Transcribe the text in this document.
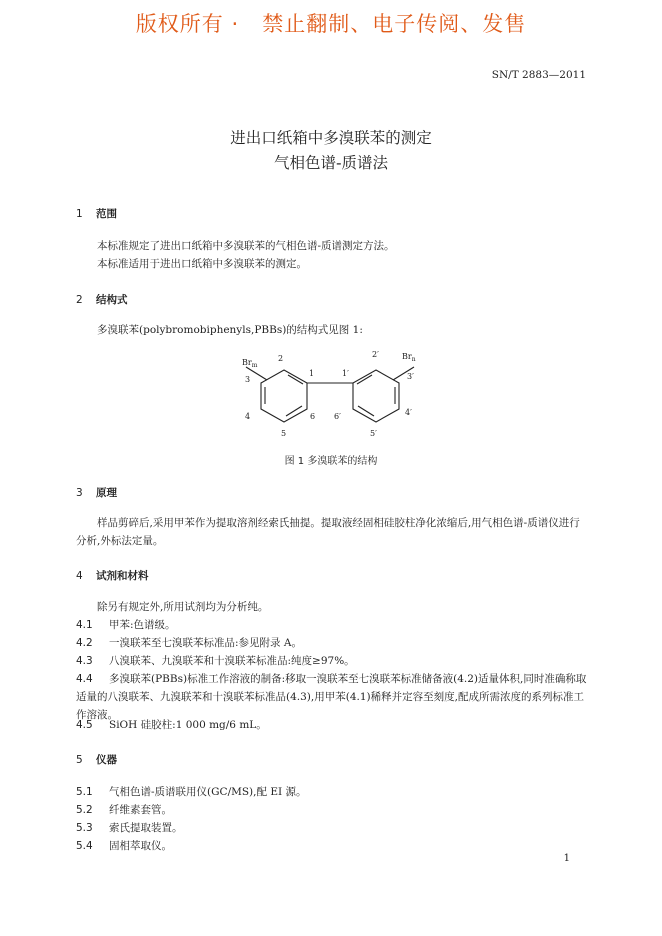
版权所有 ·   禁止翻制、电子传阅、发售
SN/T 2883—2011
进出口纸箱中多溴联苯的测定
气相色谱-质谱法
1 范围
本标准规定了进出口纸箱中多溴联苯的气相色谱-质谱测定方法。
本标准适用于进出口纸箱中多溴联苯的测定。
2 结构式
多溴联苯(polybromobiphenyls,PBBs)的结构式见图 1:
$Br_m$
1
2
3
4
5
6
$Br_n$
1′
2′
3′
4′
5′
6′
图 1 多溴联苯的结构
3 原理
样品剪碎后,采用甲苯作为提取溶剂经索氏抽提。提取液经固相硅胶柱净化浓缩后,用气相色谱-质谱仪进行分析,外标法定量。
4 试剂和材料
除另有规定外,所用试剂均为分析纯。
4.1 甲苯:色谱级。
4.2 一溴联苯至七溴联苯标准品:参见附录 A。
4.3 八溴联苯、九溴联苯和十溴联苯标准品:纯度≥97%。
4.4 多溴联苯(PBBs)标准工作溶液的制备:移取一溴联苯至七溴联苯标准储备液(4.2)适量体积,同时准确称取适量的八溴联苯、九溴联苯和十溴联苯标准品(4.3),用甲苯(4.1)稀释并定容至刻度,配成所需浓度的系列标准工作溶液。
4.5 SiOH 硅胶柱:1 000 mg/6 mL。
5 仪器
5.1 气相色谱-质谱联用仪(GC/MS),配 EI 源。
5.2 纤维素套管。
5.3 索氏提取装置。
5.4 固相萃取仪。
1
